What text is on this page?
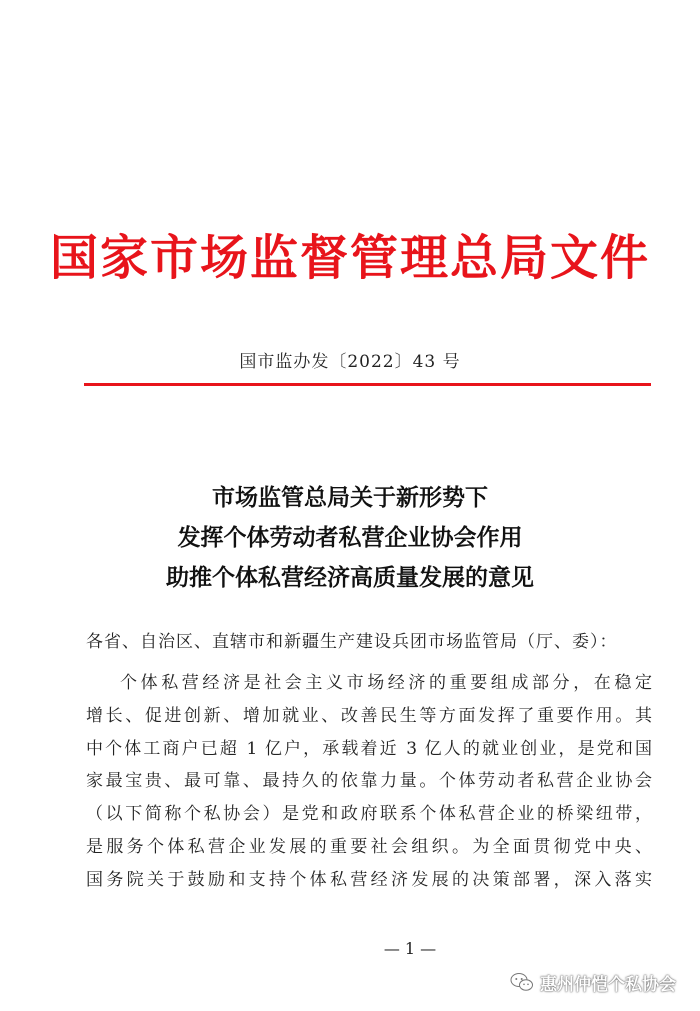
国家市场监督管理总局文件
国市监办发〔2022〕43 号
市场监管总局关于新形势下
发挥个体劳动者私营企业协会作用
助推个体私营经济高质量发展的意见
各省、自治区、直辖市和新疆生产建设兵团市场监管局（厅、委）：
个体私营经济是社会主义市场经济的重要组成部分，在稳定
增长、促进创新、增加就业、改善民生等方面发挥了重要作用。其
中个体工商户已超 1 亿户，承载着近 3 亿人的就业创业，是党和国
家最宝贵、最可靠、最持久的依靠力量。个体劳动者私营企业协会
（以下简称个私协会）是党和政府联系个体私营企业的桥梁纽带，
是服务个体私营企业发展的重要社会组织。为全面贯彻党中央、
国务院关于鼓励和支持个体私营经济发展的决策部署，深入落实
— 1 —
惠州仲恺个私协会
